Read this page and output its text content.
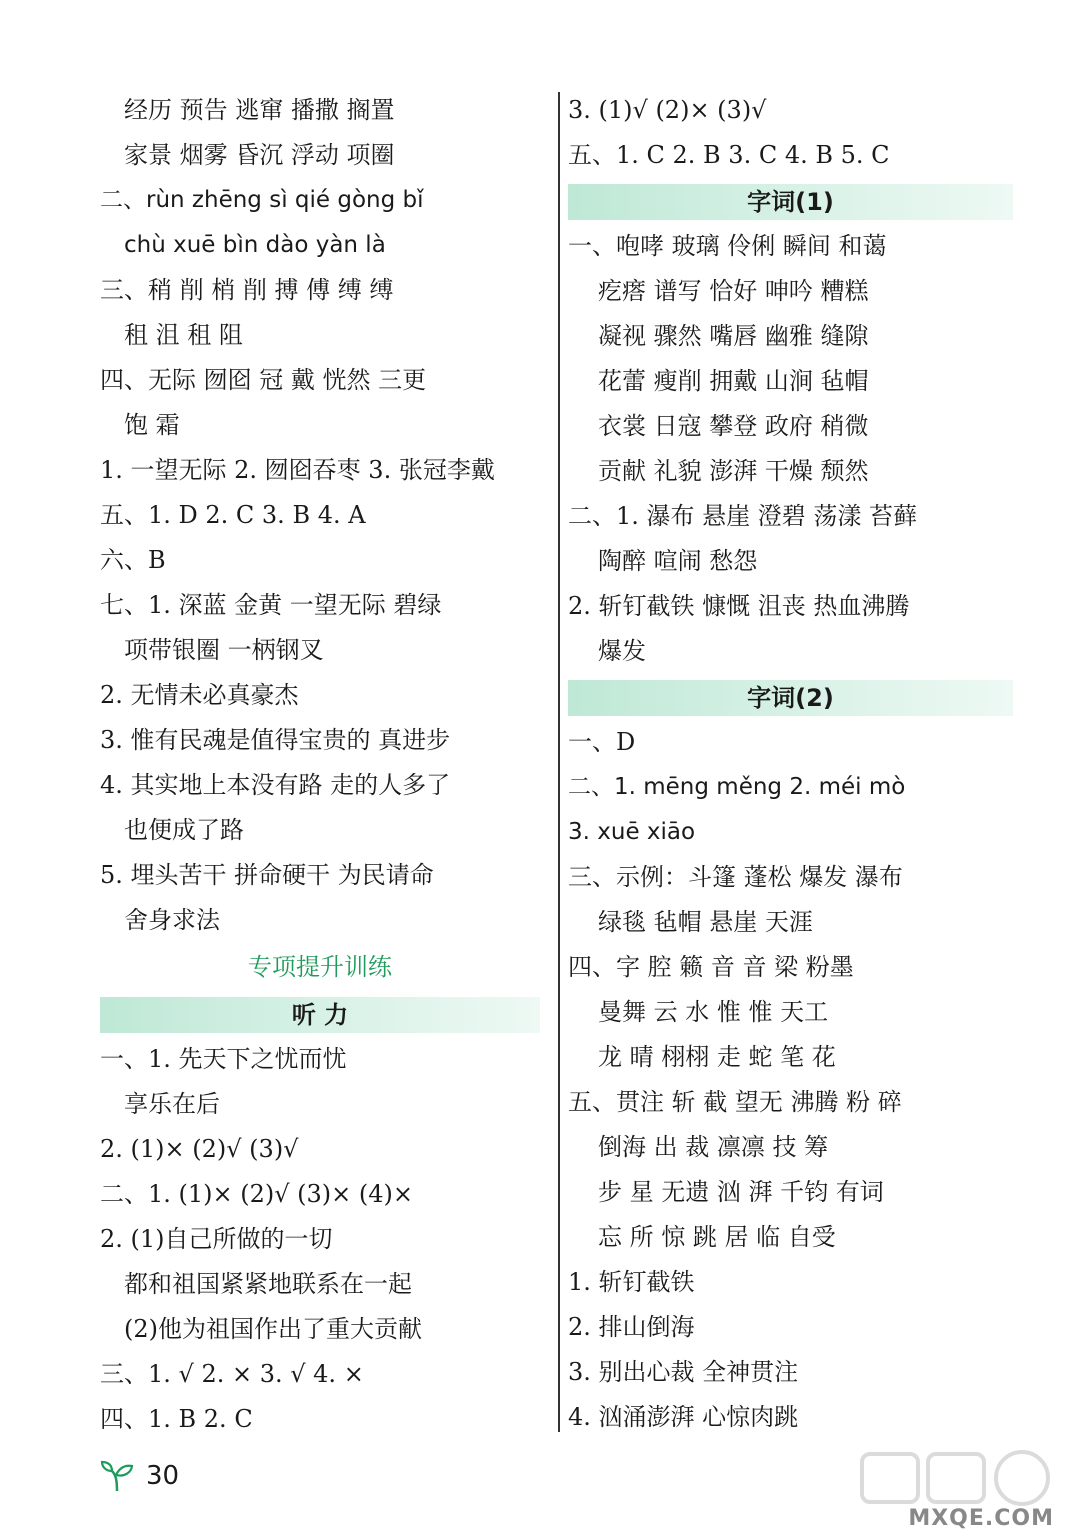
经历 预告 逃窜 播撒 搁置
家景 烟雾 昏沉 浮动 项圈
二、rùn zhēng sì qié gòng bǐ
chù xuē bìn dào yàn là
三、稍 削 梢 削 搏 傅 缚 缚
租 沮 租 阻
四、无际 囫囵 冠 戴 恍然 三更
饱 霜
1. 一望无际 2. 囫囵吞枣 3. 张冠李戴
五、1. D 2. C 3. B 4. A
六、B
七、1. 深蓝 金黄 一望无际 碧绿
项带银圈 一柄钢叉
2. 无情未必真豪杰
3. 惟有民魂是值得宝贵的 真进步
4. 其实地上本没有路 走的人多了
也便成了路
5. 埋头苦干 拼命硬干 为民请命
舍身求法
专项提升训练
听 力
一、1. 先天下之忧而忧
享乐在后
2. (1)× (2)√ (3)√
二、1. (1)× (2)√ (3)× (4)×
2. (1)自己所做的一切
都和祖国紧紧地联系在一起
(2)他为祖国作出了重大贡献
三、1. √ 2. × 3. √ 4. ×
四、1. B 2. C
3. (1)√ (2)× (3)√
五、1. C 2. B 3. C 4. B 5. C
字词(1)
一、咆哮 玻璃 伶俐 瞬间 和蔼
疙瘩 谱写 恰好 呻吟 糟糕
凝视 骤然 嘴唇 幽雅 缝隙
花蕾 瘦削 拥戴 山涧 毡帽
衣裳 日寇 攀登 政府 稍微
贡献 礼貌 澎湃 干燥 颓然
二、1. 瀑布 悬崖 澄碧 荡漾 苔藓
陶醉 喧闹 愁怨
2. 斩钉截铁 慷慨 沮丧 热血沸腾
爆发
字词(2)
一、D
二、1. mēng měng 2. méi mò
3. xuē xiāo
三、示例：斗篷 蓬松 爆发 瀑布
绿毯 毡帽 悬崖 天涯
四、字 腔 籁 音 音 梁 粉墨
曼舞 云 水 惟 惟 天工
龙 晴 栩栩 走 蛇 笔 花
五、贯注 斩 截 望无 沸腾 粉 碎
倒海 出 裁 凛凛 技 筹
步 星 无遗 汹 湃 千钧 有词
忘 所 惊 跳 居 临 自受
1. 斩钉截铁
2. 排山倒海
3. 别出心裁 全神贯注
4. 汹涌澎湃 心惊肉跳
30
MXQE.COM
